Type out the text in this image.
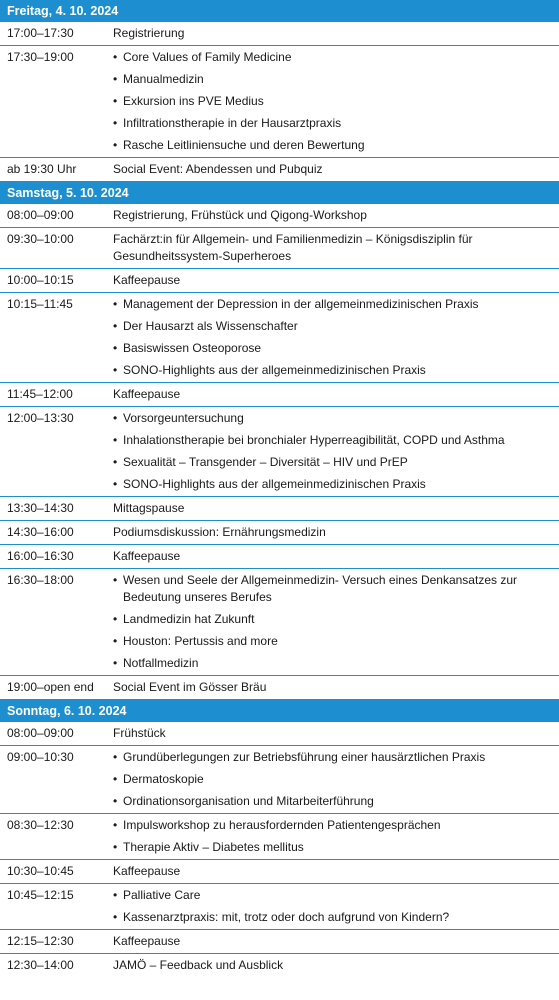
Freitag, 4. 10. 2024
17:00–17:30	Registrierung
17:30–19:00	• Core Values of Family Medicine
• Manualmedizin
• Exkursion ins PVE Medius
• Infiltrationstherapie in der Hausarztpraxis
• Rasche Leitliniensuche und deren Bewertung
ab 19:30 Uhr	Social Event: Abendessen und Pubquiz
Samstag, 5. 10. 2024
08:00–09:00	Registrierung, Frühstück und Qigong-Workshop
09:30–10:00	Fachärzt:in für Allgemein- und Familienmedizin – Königsdisziplin für Gesundheitssystem-Superheroes
10:00–10:15	Kaffeepause
10:15–11:45	• Management der Depression in der allgemeinmedizinischen Praxis
• Der Hausarzt als Wissenschafter
• Basiswissen Osteoporose
• SONO-Highlights aus der allgemeinmedizinischen Praxis
11:45–12:00	Kaffeepause
12:00–13:30	• Vorsorgeuntersuchung
• Inhalationstherapie bei bronchialer Hyperreagibilität, COPD und Asthma
• Sexualität – Transgender – Diversität – HIV und PrEP
• SONO-Highlights aus der allgemeinmedizinischen Praxis
13:30–14:30	Mittagspause
14:30–16:00	Podiumsdiskussion: Ernährungsmedizin
16:00–16:30	Kaffeepause
16:30–18:00	• Wesen und Seele der Allgemeinmedizin- Versuch eines Denkansatzes zur Bedeutung unseres Berufes
• Landmedizin hat Zukunft
• Houston: Pertussis and more
• Notfallmedizin
19:00–open end	Social Event im Gösser Bräu
Sonntag, 6. 10. 2024
08:00–09:00	Frühstück
09:00–10:30	• Grundüberlegungen zur Betriebsführung einer hausärztlichen Praxis
• Dermatoskopie
• Ordinationsorganisation und Mitarbeiterführung
08:30–12:30	• Impulsworkshop zu herausfordernden Patientengesprächen
• Therapie Aktiv – Diabetes mellitus
10:30–10:45	Kaffeepause
10:45–12:15	• Palliative Care
• Kassenarztpraxis: mit, trotz oder doch aufgrund von Kindern?
12:15–12:30	Kaffeepause
12:30–14:00	JAMÖ – Feedback und Ausblick
